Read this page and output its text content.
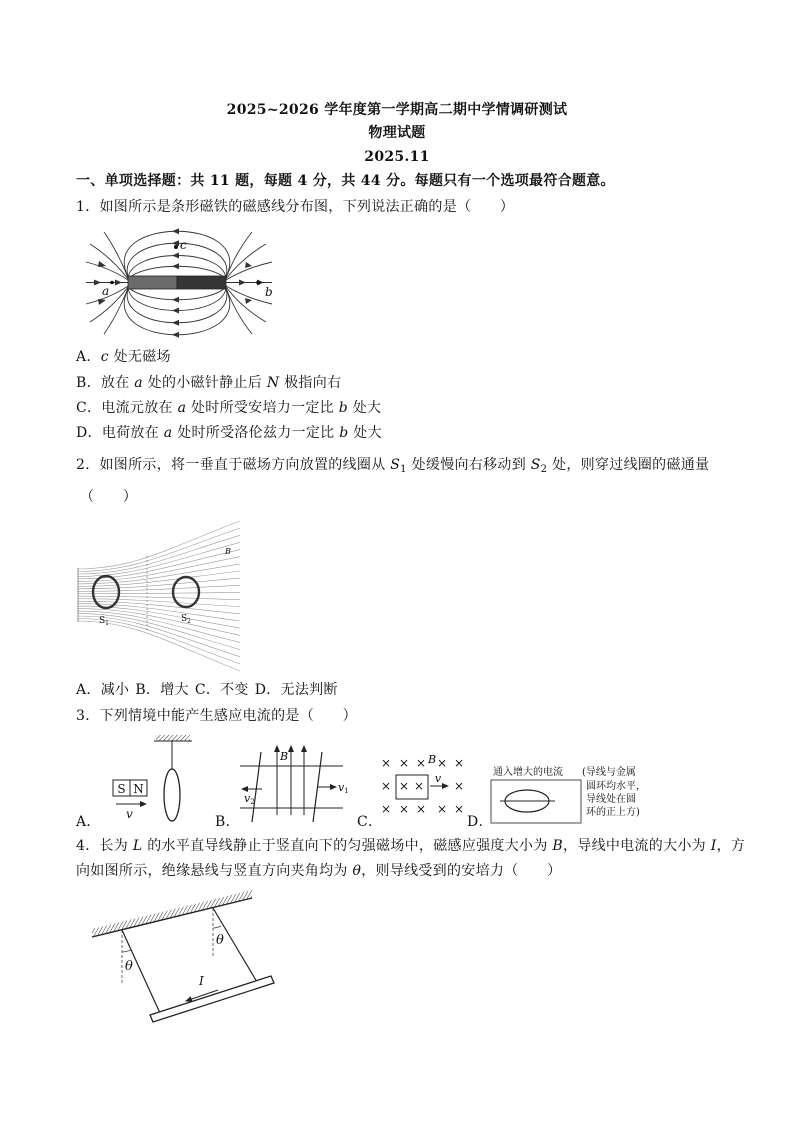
2025~2026 学年度第一学期高二期中学情调研测试
物理试题
2025.11
一、单项选择题：共 11 题，每题 4 分，共 44 分。每题只有一个选项最符合题意。
1．如图所示是条形磁铁的磁感线分布图，下列说法正确的是（　　）
c
a	b
A．c 处无磁场
B．放在 a 处的小磁针静止后 N 极指向右
C．电流元放在 a 处时所受安培力一定比 b 处大
D．电荷放在 a 处时所受洛伦兹力一定比 b 处大
2．如图所示，将一垂直于磁场方向放置的线圈从 $S_1$ 处缓慢向右移动到 $S_2$ 处，则穿过线圈的磁通量
（　　）
$S_1$	$S_2$
B
A．减小 B．增大 C．不变 D．无法判断
3．下列情境中能产生感应电流的是（　　）
S N
v
B
v2
v1
× × × × ×
B
× × × ×
v
× × × × ×
通入增大的电流 (导线与金属
圆环均水平，
导线处在圆
环的正上方)
A．	B．	C．	D．
4．长为 L 的水平直导线静止于竖直向下的匀强磁场中，磁感应强度大小为 B，导线中电流的大小为 I，方
向如图所示，绝缘悬线与竖直方向夹角均为 θ，则导线受到的安培力（　　）
θ
θ
I
